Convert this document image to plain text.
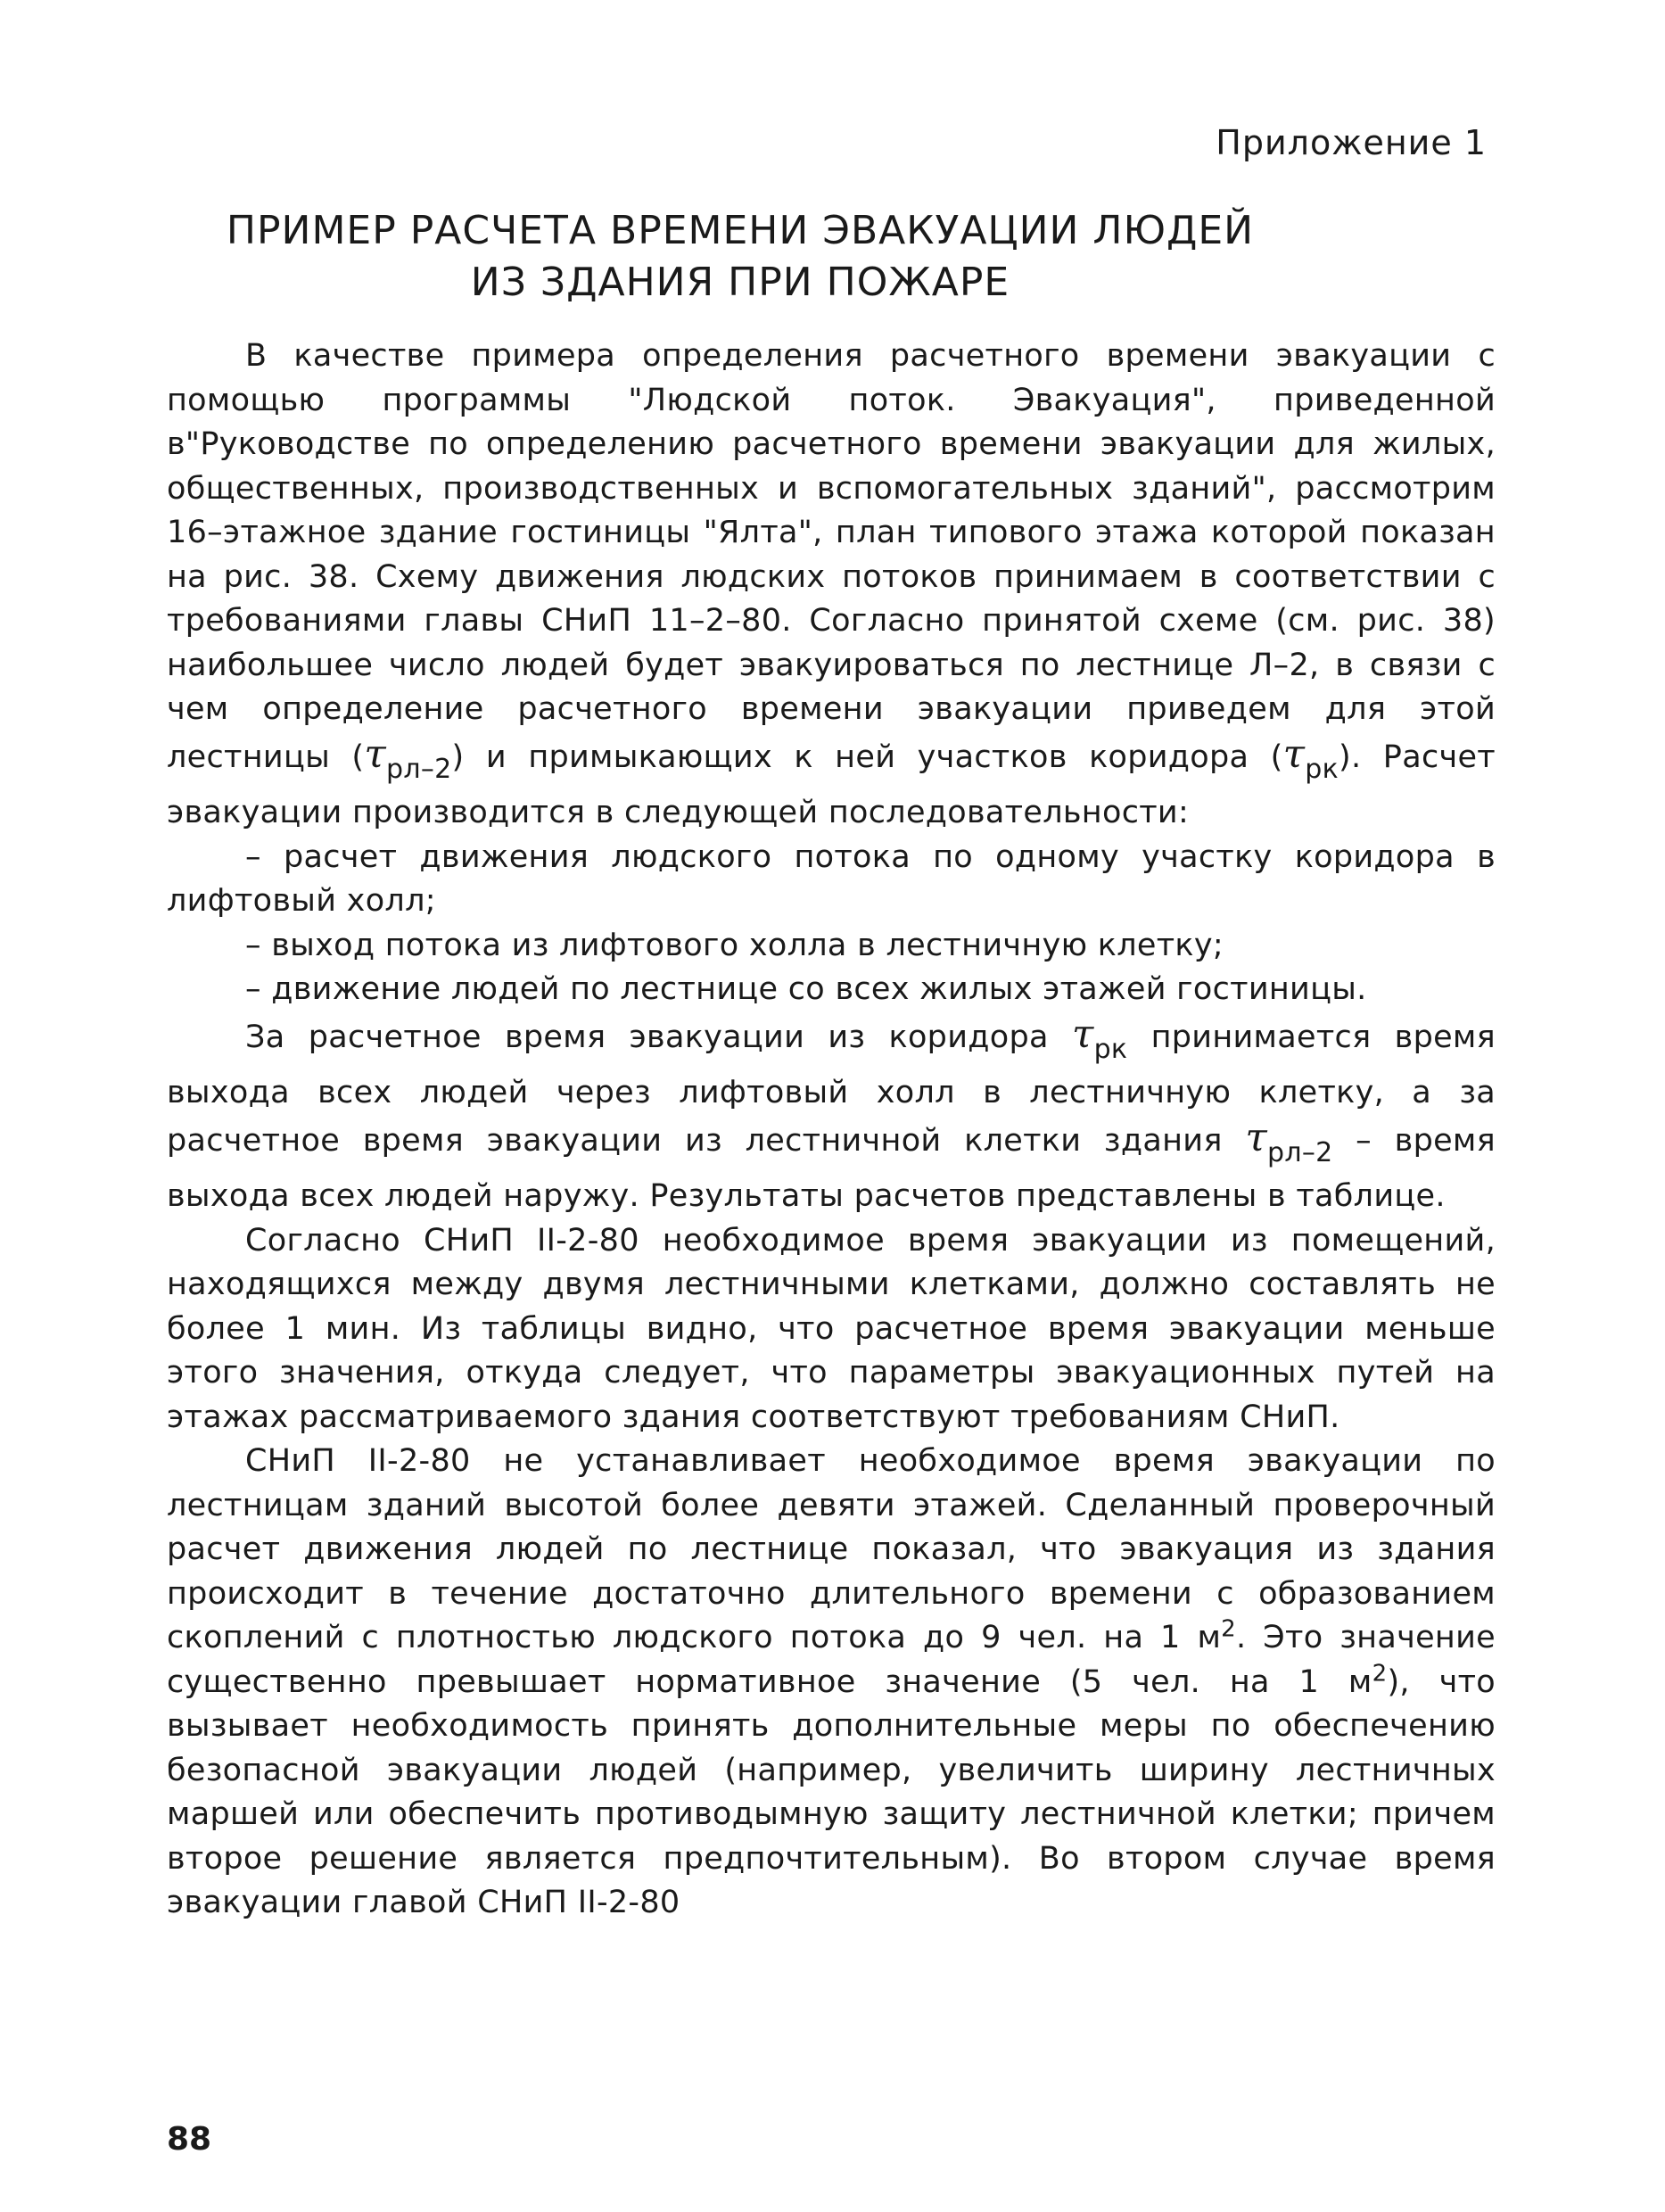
Приложение 1
ПРИМЕР РАСЧЕТА ВРЕМЕНИ ЭВАКУАЦИИ ЛЮДЕЙ
ИЗ ЗДАНИЯ ПРИ ПОЖАРЕ

В качестве примера определения расчетного времени эвакуации с помощью программы "Людской поток. Эвакуация", приведенной в"Руководстве по определению расчетного времени эвакуации для жилых, общественных, производственных и вспомогательных зданий", рассмотрим 16–этажное здание гостиницы "Ялта", план типового этажа которой показан на рис. 38. Схему движения людских потоков принимаем в соответствии с требованиями главы СНиП 11–2–80. Согласно принятой схеме (см. рис. 38) наибольшее число людей будет эвакуироваться по лестнице Л–2, в связи с чем определение расчетного времени эвакуации приведем для этой лестницы (τрл–2) и примыкающих к ней участков коридора (τрк). Расчет эвакуации производится в следующей последовательности:

– расчет движения людского потока по одному участку коридора в лифтовый холл;

– выход потока из лифтового холла в лестничную клетку;

– движение людей по лестнице со всех жилых этажей гостиницы.

За расчетное время эвакуации из коридора τрк принимается время выхода всех людей через лифтовый холл в лестничную клетку, а за расчетное время эвакуации из лестничной клетки здания τрл–2 – время выхода всех людей наружу. Результаты расчетов представлены в таблице.

Согласно СНиП II-2-80 необходимое время эвакуации из помещений, находящихся между двумя лестничными клетками, должно составлять не более 1 мин. Из таблицы видно, что расчетное время эвакуации меньше этого значения, откуда следует, что параметры эвакуационных путей на этажах рассматриваемого здания соответствуют требованиям СНиП.

СНиП II-2-80 не устанавливает необходимое время эвакуации по лестницам зданий высотой более девяти этажей. Сделанный проверочный расчет движения людей по лестнице показал, что эвакуация из здания происходит в течение достаточно длительного времени с образованием скоплений с плотностью людского потока до 9 чел. на 1 $м^2$. Это значение существенно превышает нормативное значение (5 чел. на 1 $м^2$), что вызывает необходимость принять дополнительные меры по обеспечению безопасной эвакуации людей (например, увеличить ширину лестничных маршей или обеспечить противодымную защиту лестничной клетки; причем второе решение является предпочтительным). Во втором случае время эвакуации главой СНиП II-2-80

88
